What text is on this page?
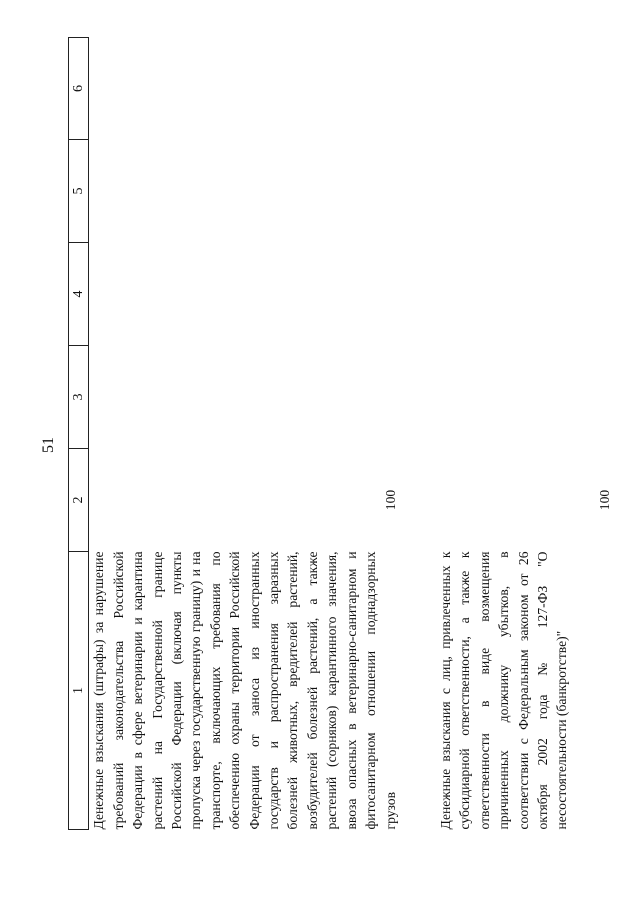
51
1	2	3	4	5	6
Денежные взыскания (штрафы) за нарушение требований законодательства Российской Федерации в сфере ветеринарии и карантина растений на Государственной границе Российской Федерации (включая пункты пропуска через государственную границу) и на транспорте, включающих требования по обеспечению охраны территории Российской Федерации от заноса из иностранных государств и распространения заразных болезней животных, вредителей растений, возбудителей болезней растений, а также растений (сорняков) карантинного значения, ввоза опасных в ветеринарно-санитарном и фитосанитарном отношении поднадзорных грузов	100				

Денежные взыскания с лиц, привлеченных к субсидиарной ответственности, а также к ответственности в виде возмещения причиненных должнику убытков, в соответствии с Федеральным законом от 26 октября 2002 года № 127-ФЗ "О несостоятельности (банкротстве)"	100				
